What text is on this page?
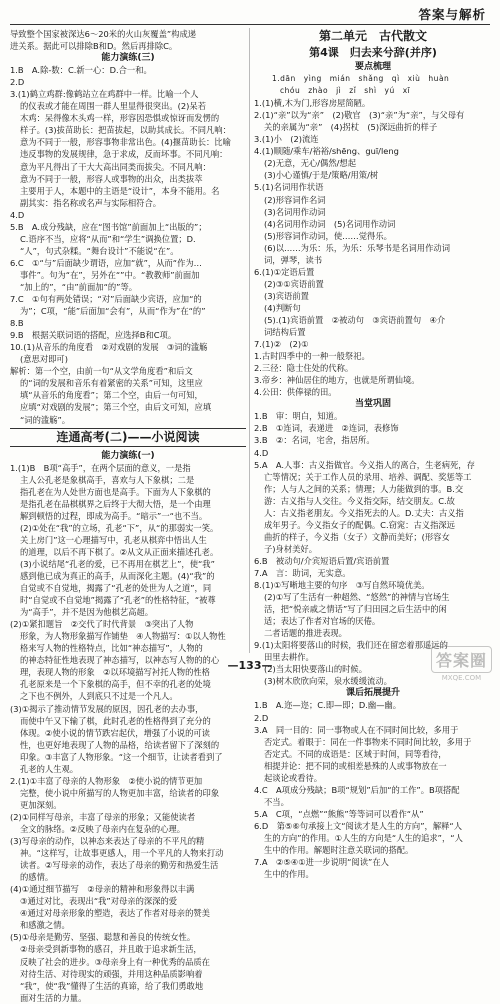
答案与解析
导致整个国家被深达6～20米的火山灰覆盖”构成递
进关系。据此可以排除B和D。然后再排除C。
能力演练(三)
1.B　A.除-数：C.新一心：D.合一和。
2.D
3.(1)鹤立鸡群:像鹤站立在鸡群中一样。比喻一个人
的仪表或才能在周围一群人里显得很突出。(2)呆若
木鸡：呆得像木头鸡一样，形容因恐惧或惊讶而发愣的
样子。(3)拔苗助长：把苗拔起，以助其成长。不同凡响：
意为不同于一般，形容事物非常出色。(4)揠苗助长：比喻
违反事物的发展规律，急于求成，反而坏事。不同凡响：
意为平凡得出了干大大高出同类而拔尖。不同凡响：
意为不同于一般，形容人或事物的出众，出类拔萃
主要用于人，本题中的主语是“设计”，本身不能用。名
副其实：指名称或名声与实际相符合。
4.D
5.B　A.成分残缺，应在“图书馆”前面加上“出版的”；
C.语序不当，应将“从而”和“学生”调换位置；D.
“人”，句式杂糅。“舞台设计”不能说“在”。
6.C　①“与”后面缺少谓语，应加“就”，从而“作为…
事件”。句为“在”，另外在“”中。“教教师”前面加
“加上的”，“由”前面加“的”等。
7.C　①句有两处错误；“对”后面缺少宾语，应加“的
为”；C项，“能”后面加“会有”，从而“作为”在“的”
8.B
9.B　根据关联词语的搭配，应选择B和C项。
10.(1)从音乐的角度看　②对戏剧的发展　③词的滥觞
(意思对即可)
解析：第一个空，由前一句“从文学角度看”和后文
的“词的发展和音乐有着紧密的关系”可知，这里应
填“从音乐的角度看”；第二个空，由后一句可知，
应填“对戏剧的发展”；第三个空，由后文可知，应填
“词的滥觞”。
连通高考(二)——小说阅读
能力演练(一)
1.(1)B　B项“高手”，在两个层面的意义，一是指
主人公孔老是象棋高手，喜欢与人下象棋；二是
指孔老在为人处世方面也是高手。下面为人下象棋的
是指孔老在品棋棋界之后终于大彻大悟，是一个由理
解到顿悟的过程，即成为高手。“暗示”一“也不当。
(2)①处在“我”的立场，孔老“下”，从“的那弱实一笑。
关上房门”这一心理描写中，孔老从棋弈中悟出人生
的道理，以后不再下棋了。②从文从正面来描述孔老。
(3)小说结尾“孔老的爱，已不再用在棋艺上”，使“我”
感到他已成为真正的高手，从而深化主题。(4)“我”的
自觉或不自觉地，揭露了“孔老的处世为人之道”，同
时“自觉或不自觉地”揭露了“孔老”的性格特征，“被尊
为“高手”，并不是因为他棋艺高超。
(2)①紧扣题旨　②交代了时代背景　③突出了人物
形象，为人物形象描写作铺垫　④人物描写：①以人物性
格来写人物的性格特点，比如“神态描写”，人物的
的神态特征性地表现了神态描写，以神态写人物的的心
理，表现人物的形象　②以环境描写衬托人物的性格
孔老原来是一个下象棋的高手，但不幸的孔老的处境
之下也不例外，人到底只不过是一个凡人。
(3)①揭示了推动情节发展的原因，因孔老的去办事，
而使中午又下输了棋，此时孔老的性格得到了充分的
体现。②使小说的情节跌宕起伏，增强了小说的可读
性，也更好地表现了人物的品格，给读者留下了深刻的
印象。③丰富了人物形象。“这一个细节，让读者看到了
孔老的人生观。
2.(1)①丰富了母亲的人物形象　②使小说的情节更加
完整，使小说中所描写的人物更加丰富，给读者的印象
更加深刻。
(2)①同样写母亲，丰富了母亲的形象；又能使读者
全文的脉络。②反映了母亲内在复杂的心理。
(3)写母亲的动作，以神态来表达了母亲的不平凡的精
神。“这样写，让故事更感人，用一个平凡的人物来打动
读者。②写母亲的动作，表达了母亲的勤劳和热爱生活
的感情。
(4)①通过细节描写　②母亲的精神和形象得以丰满
③通过对比，表现出“我”对母亲的深深的爱
④通过对母亲形象的塑造，表达了作者对母亲的赞美
和感激之情。
(5)①母亲是勤劳、坚强、聪慧和善良的传统女性。
②母亲受到新事物的感召，并且敢于追求新生活，
反映了社会的进步。③母亲身上有一种优秀的品质在
对待生活、对待现实的顽强，并用这种品质影响着
“我”，使“我”懂得了生活的真谛，给了我们勇敢地
面对生活的力量。
第二单元　古代散文
第4课　归去来兮辞(并序)
要点梳理
1.dān　yìng　mián　shǎng　qì　xiù　huàn
　chóu　zhào　jì　zǐ　shì　yú　xī
1.(1)横,木为门,形容房屋简陋。
2.(1)“亲”以为“亲”　(2)敬官　(3)“亲”为“亲”，与父母有
关的亲属为“亲”　(4)拐杖　(5)深远曲折的样子
3.(1)小　(2)流连
4.(1)顺随/乘车/裕裕/shēng、guī/leng
(2)无意，无心/偶然/想起
(3)小心谨慎/于是/策略/用策/树
5.(1)名词用作状语
(2)形容词作名词
(3)名词用作动词
(4)名词用作动词　(5)名词用作动词
(5)形容词作动词，使……觉得乐。
(6)以……为乐：乐，为乐：乐琴书是名词用作动词
词，弹琴，读书
6.(1)①定语后置
(2)③①宾语前置
(3)宾语前置
(4)判断句
(5).(1)宾语前置　②被动句　③宾语前置句　④介
词结构后置
7.(1)②　(2)①
1.古时四季中的一种一般祭祀。
2.三径：隐士住处的代称。
3.帝乡：神仙居住的地方，也就是所谓仙境。
4.公田：供俸禄的田。
当堂巩固
1.B　审：明白，知道。
2.B　①连词，表递进　②连词，表修饰
3.B　②：名词，宅舍，指居所。
4.D
5.A　A.人事：古义指做官。今义指人的离合，生老病死，存
亡等情况；关于工作人员的录用、培养、调配、奖惩等工
作；人与人之间的关系；情理；人力能做到的事。B.交
游：古义指与人交往。今义指交际，结交朋友。C.故
人：古义指老朋友。今义指死去的人。D.丈夫：古义指
成年男子。今义指女子的配偶。C.窃窕：古义指深远
曲折的样子，今义指（女子）文静而美好；(形容女
子)身材美好。
6.B　被动句/介宾短语后置/宾语前置
7.A　言：助词，无实意。
8.(1)①写晰地主要的句序　③写自然环境优美。
(2)①写了生活有一种超然、“悠然”的神情与官场生
活，把“悦亲戚之情话”写了归田园之后生活中的闲
适；表达了作者对官场的厌倦。
二者话题的推进表现。
9.(1)太阳将要落山的时候，我们还在留恋着那遥远的
田里去耕作。
(2)当太阳快要落山的时候。
(3)树木欣欣向荣，泉水缓缓流动。
课后拓展提升
1.B　A.迩—迩；C.即—即；D.幽—幽。
2.D
3.A　同一目的：同一事物或人在不同时间比较，多用于
否定式。着眼于：同在一件事物来不同时间比较，多用于
否定式。不同的成语是：区域于时间，同等看待，
相提并论：把不同的或相差悬殊的人或事物放在一
起谈论或看待。
4.C　A项成分残缺；B项“规划”后加“的工作”。B项搭配
不当。
5.A　C项，“点燃”“熊熊”等等词可以看作“从”
6.D　第⑤⑥句承接上文“阅读才是人生的方向”，解释“人
生的方向”的作用。①人生的方向是“人生的追求”，“人
生中的作用。解题时注意关联词的搭配。
7.A　②⑤④①进一步说明“阅读”在人
生中的作用。
—133—	答案圈
MXQE.COM
